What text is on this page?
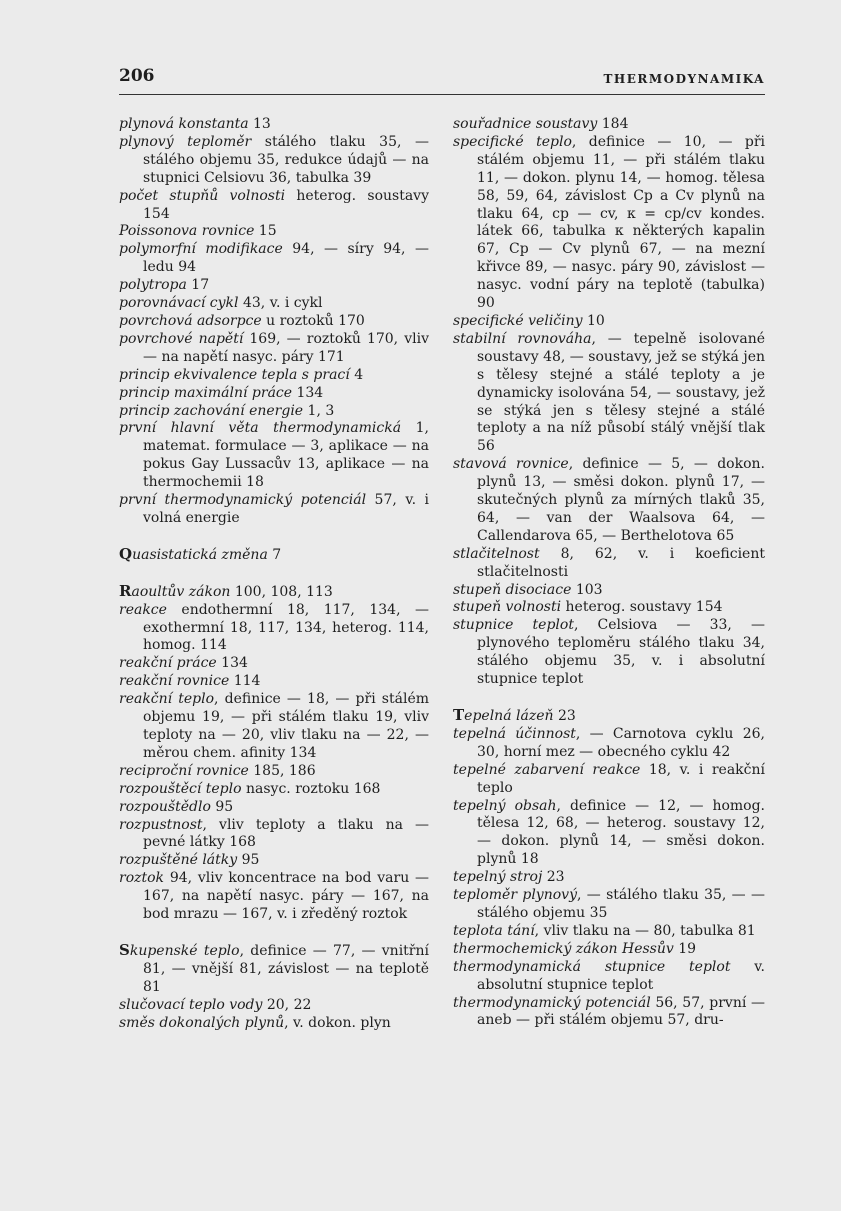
206	THERMODYNAMIKA

plynová konstanta 13

plynový teploměr stálého tlaku 35, — stálého objemu 35, redukce údajů — na stupnici Celsiovu 36, tabulka 39

počet stupňů volnosti heterog. soustavy 154

Poissonova rovnice 15

polymorfní modifikace 94, — síry 94, — ledu 94

polytropa 17

porovnávací cykl 43, v. i cykl

povrchová adsorpce u roztoků 170

povrchové napětí 169, — roztoků 170, vliv — na napětí nasyc. páry 171

princip ekvivalence tepla s prací 4

princip maximální práce 134

princip zachování energie 1, 3

první hlavní věta thermodynamická 1, matemat. formulace — 3, aplikace — na pokus Gay Lussacův 13, aplikace — na thermochemii 18

první thermodynamický potenciál 57, v. i volná energie

Quasistatická změna 7

Raoultův zákon 100, 108, 113

reakce endothermní 18, 117, 134, — exothermní 18, 117, 134, heterog. 114, homog. 114

reakční práce 134

reakční rovnice 114

reakční teplo, definice — 18, — při stálém objemu 19, — při stálém tlaku 19, vliv teploty na — 20, vliv tlaku na — 22, — měrou chem. afinity 134

reciproční rovnice 185, 186

rozpouštěcí teplo nasyc. roztoku 168

rozpouštědlo 95

rozpustnost, vliv teploty a tlaku na — pevné látky 168

rozpuštěné látky 95

roztok 94, vliv koncentrace na bod varu — 167, na napětí nasyc. páry — 167, na bod mrazu — 167, v. i zředěný roztok

Skupenské teplo, definice — 77, — vnitřní 81, — vnější 81, závislost — na teplotě 81

slučovací teplo vody 20, 22

směs dokonalých plynů, v. dokon. plyn

souřadnice soustavy 184

specifické teplo, definice — 10, — při stálém objemu 11, — při stálém tlaku 11, — dokon. plynu 14, — homog. tělesa 58, 59, 64, závislost Cp a Cv plynů na tlaku 64, cp — cv, κ = cp/cv kondes. látek 66, tabulka κ některých kapalin 67, Cp — Cv plynů 67, — na mezní křivce 89, — nasyc. páry 90, závislost — nasyc. vodní páry na teplotě (tabulka) 90

specifické veličiny 10

stabilní rovnováha, — tepelně isolované soustavy 48, — soustavy, jež se stýká jen s tělesy stejné a stálé teploty a je dynamicky isolována 54, — soustavy, jež se stýká jen s tělesy stejné a stálé teploty a na níž působí stálý vnější tlak 56

stavová rovnice, definice — 5, — dokon. plynů 13, — směsi dokon. plynů 17, — skutečných plynů za mírných tlaků 35, 64, — van der Waalsova 64, — Callendarova 65, — Berthelotova 65

stlačitelnost 8, 62, v. i koeficient stlačitelnosti

stupeň disociace 103

stupeň volnosti heterog. soustavy 154

stupnice teplot, Celsiova — 33, — plynového teploměru stálého tlaku 34, stálého objemu 35, v. i absolutní stupnice teplot

Tepelná lázeň 23

tepelná účinnost, — Carnotova cyklu 26, 30, horní mez — obecného cyklu 42

tepelné zabarvení reakce 18, v. i reakční teplo

tepelný obsah, definice — 12, — homog. tělesa 12, 68, — heterog. soustavy 12, — dokon. plynů 14, — směsi dokon. plynů 18

tepelný stroj 23

teploměr plynový, — stálého tlaku 35, — —stálého objemu 35

teplota tání, vliv tlaku na — 80, tabulka 81

thermochemický zákon Hessův 19

thermodynamická stupnice teplot v. absolutní stupnice teplot

thermodynamický potenciál 56, 57, první — aneb — při stálém objemu 57, dru-
